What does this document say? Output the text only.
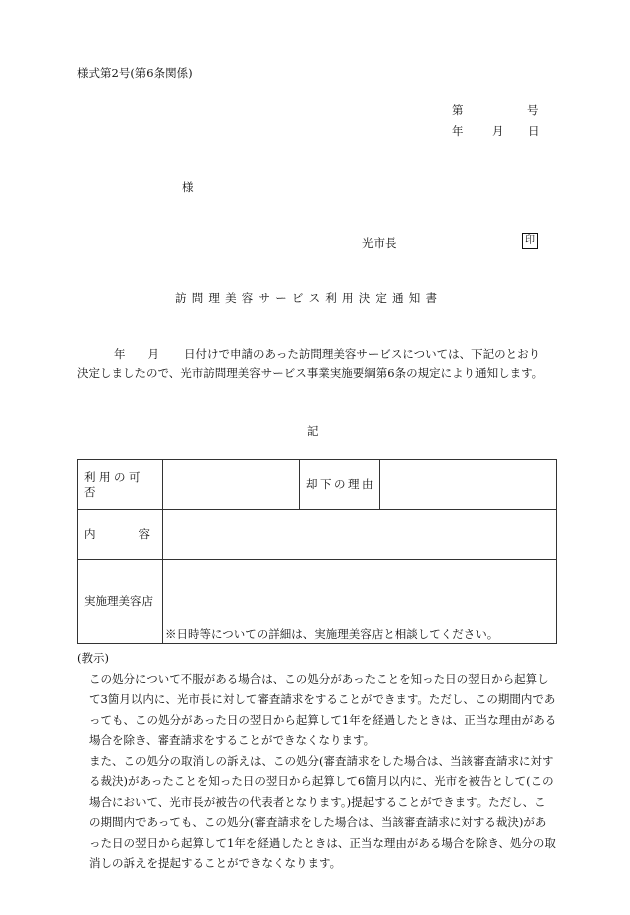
様式第2号(第6条関係)
第	号
年 月 日
様
光市長	印
訪問理美容サービス利用決定通知書
年 月 日付けで申請のあった訪問理美容サービスについては、下記のとおり
決定しましたので、光市訪問理美容サービス事業実施要綱第6条の規定により通知します。
記
利用の可否		却下の理由	

内 容			

実施理美容店	※日時等についての詳細は、実施理美容店と相談してください。		

(教示)

この処分について不服がある場合は、この処分があったことを知った日の翌日から起算して3箇月以内に、光市長に対して審査請求をすることができます。ただし、この期間内であっても、この処分があった日の翌日から起算して1年を経過したときは、正当な理由がある場合を除き、審査請求をすることができなくなります。

また、この処分の取消しの訴えは、この処分(審査請求をした場合は、当該審査請求に対する裁決)があったことを知った日の翌日から起算して6箇月以内に、光市を被告として(この場合において、光市長が被告の代表者となります。)提起することができます。ただし、この期間内であっても、この処分(審査請求をした場合は、当該審査請求に対する裁決)があった日の翌日から起算して1年を経過したときは、正当な理由がある場合を除き、処分の取消しの訴えを提起することができなくなります。
